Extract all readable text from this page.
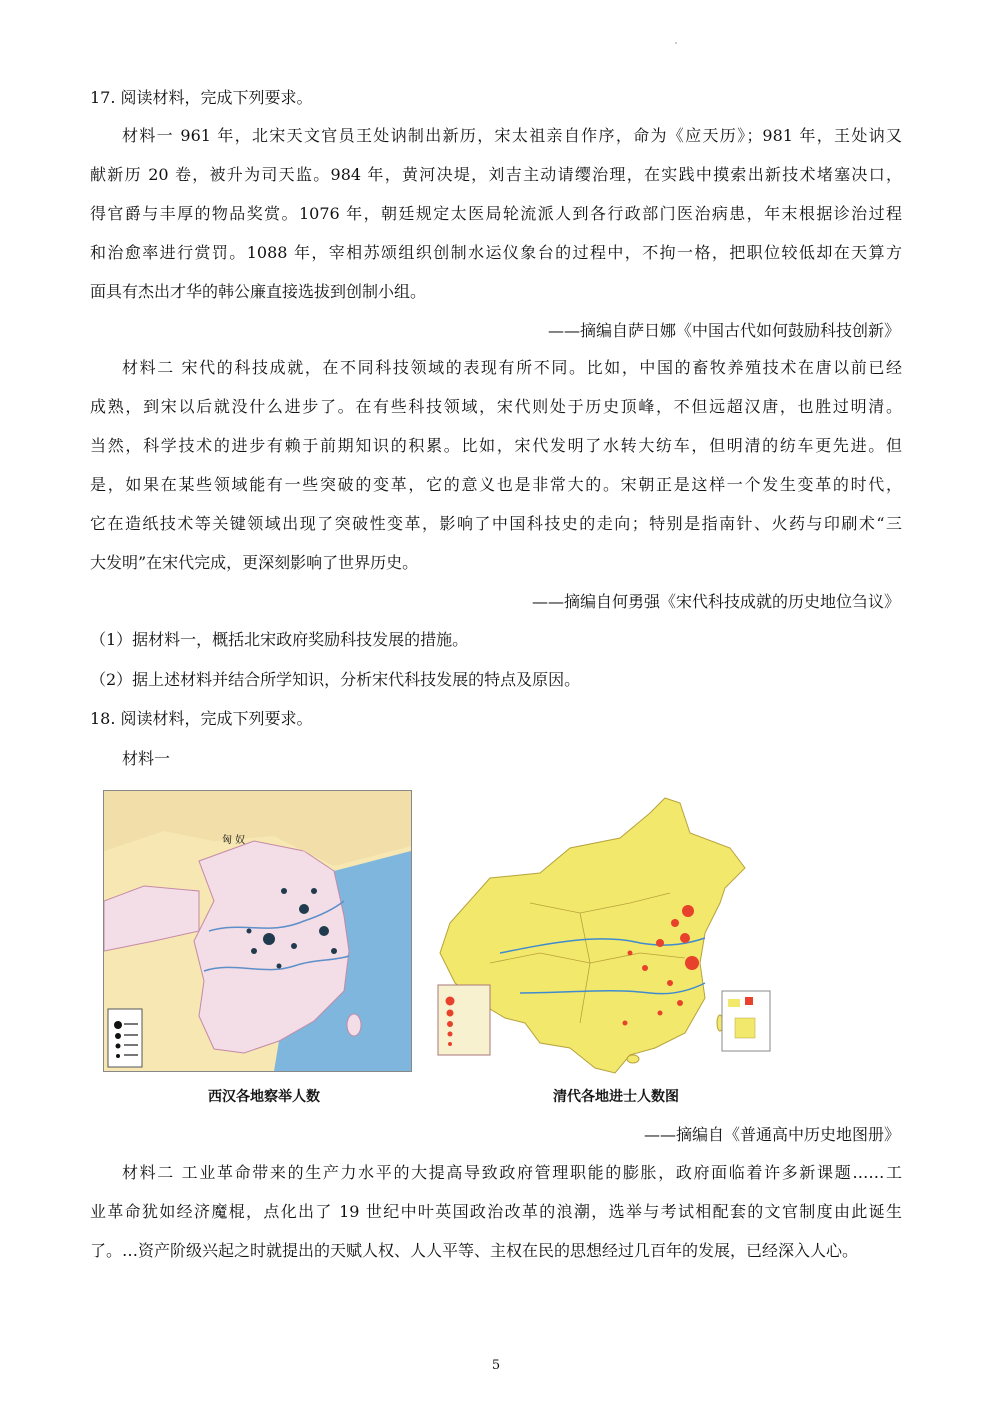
17. 阅读材料，完成下列要求。
材料一 961 年，北宋天文官员王处讷制出新历，宋太祖亲自作序，命为《应天历》；981 年，王处讷又
献新历 20 卷，被升为司天监。984 年，黄河决堤，刘吉主动请缨治理，在实践中摸索出新技术堵塞决口，
得官爵与丰厚的物品奖赏。1076 年，朝廷规定太医局轮流派人到各行政部门医治病患，年末根据诊治过程
和治愈率进行赏罚。1088 年，宰相苏颂组织创制水运仪象台的过程中，不拘一格，把职位较低却在天算方
面具有杰出才华的韩公廉直接选拔到创制小组。
——摘编自萨日娜《中国古代如何鼓励科技创新》
材料二 宋代的科技成就，在不同科技领域的表现有所不同。比如，中国的畜牧养殖技术在唐以前已经
成熟，到宋以后就没什么进步了。在有些科技领域，宋代则处于历史顶峰，不但远超汉唐，也胜过明清。
当然，科学技术的进步有赖于前期知识的积累。比如，宋代发明了水转大纺车，但明清的纺车更先进。但
是，如果在某些领域能有一些突破的变革，它的意义也是非常大的。宋朝正是这样一个发生变革的时代，
它在造纸技术等关键领域出现了突破性变革，影响了中国科技史的走向；特别是指南针、火药与印刷术“三
大发明”在宋代完成，更深刻影响了世界历史。
——摘编自何勇强《宋代科技成就的历史地位刍议》
（1）据材料一，概括北宋政府奖励科技发展的措施。
（2）据上述材料并结合所学知识，分析宋代科技发展的特点及原因。
18. 阅读材料，完成下列要求。
材料一
匈 奴
西汉各地察举人数	清代各地进士人数图
——摘编自《普通高中历史地图册》
材料二 工业革命带来的生产力水平的大提高导致政府管理职能的膨胀，政府面临着许多新课题……工
业革命犹如经济魔棍，点化出了 19 世纪中叶英国政治改革的浪潮，选举与考试相配套的文官制度由此诞生
了。…资产阶级兴起之时就提出的天赋人权、人人平等、主权在民的思想经过几百年的发展，已经深入人心。
5
